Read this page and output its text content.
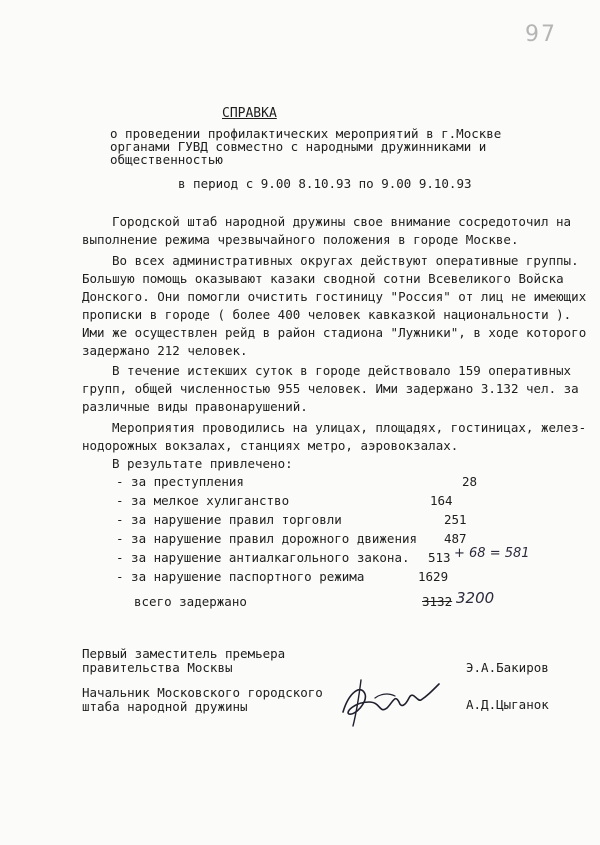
97
СПРАВКА
о проведении профилактических мероприятий в г.Москве
органами ГУВД совместно с народными дружинниками и
общественностью
в период с 9.00 8.10.93 по 9.00 9.10.93
Городской штаб народной дружины свое внимание сосредоточил на
выполнение режима чрезвычайного положения в городе Москве.
Во всех административных округах действуют оперативные группы.
Большую помощь оказывают казаки сводной сотни Всевеликого Войска
Донского. Они помогли очистить гостиницу "Россия" от лиц не имеющих
прописки в городе ( более 400 человек кавказкой национальности ).
Ими же осуществлен рейд в район стадиона "Лужники", в ходе которого
задержано 212 человек.
В течение истекших суток в городе действовало 159 оперативных
групп, общей численностью 955 человек. Ими задержано 3.132 чел. за
различные виды правонарушений.
Мероприятия проводились на улицах, площадях, гостиницах, желез-
нодорожных вокзалах, станциях метро, аэровокзалах.
В результате привлечено:
- за преступления	28
- за мелкое хулиганство	164
- за нарушение правил торговли	251
- за нарушение правил дорожного движения 487
- за нарушение антиалкагольного закона. 513 + 68 = 581
- за нарушение паспортного режима	1629
всего задержано	3132 3200
Первый заместитель премьера
правительства Москвы	Э.А.Бакиров
Начальник Московского городского
штаба народной дружины	А.Д.Цыганок
